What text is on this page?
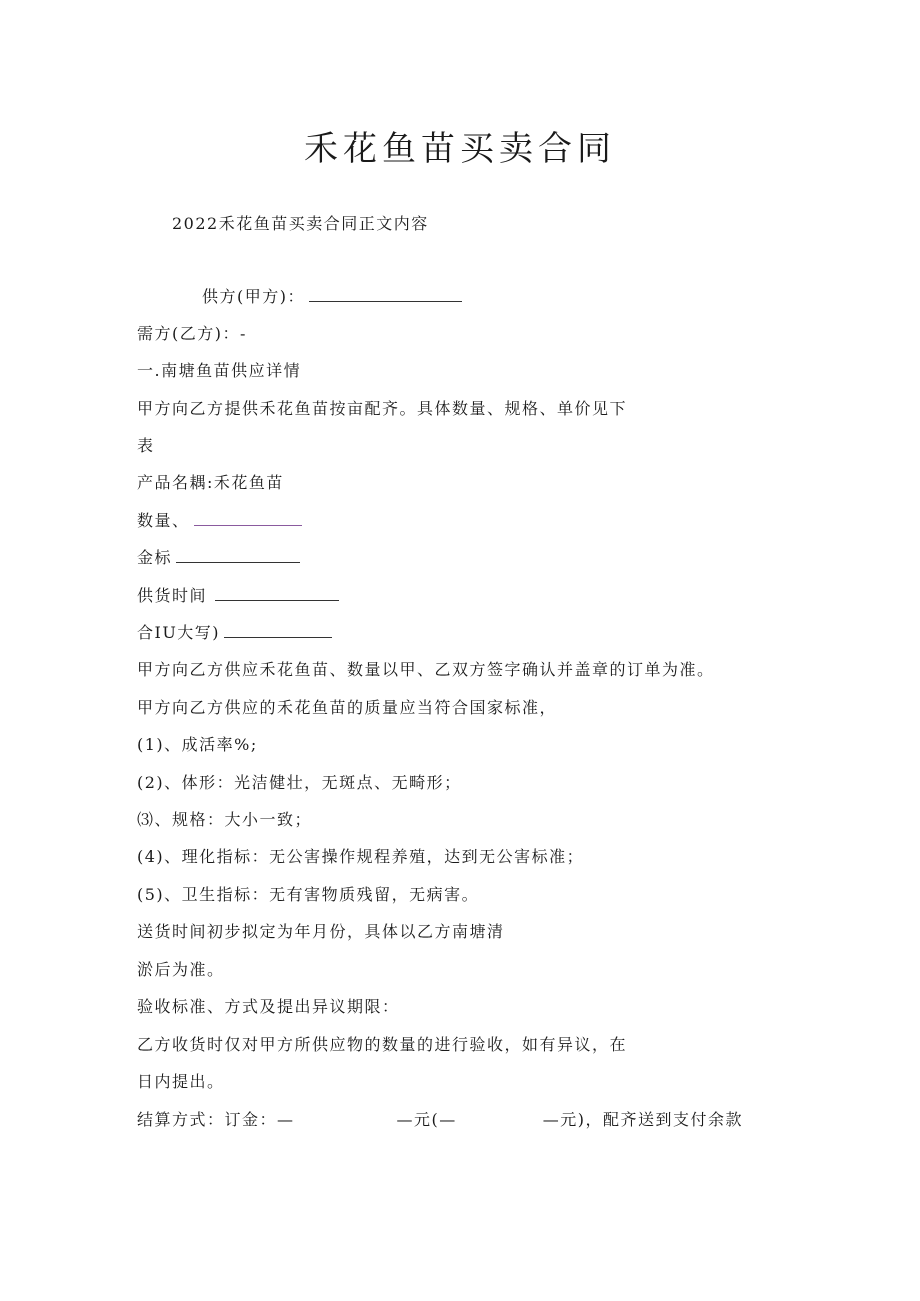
禾花鱼苗买卖合同
2022禾花鱼苗买卖合同正文内容
供方(甲方)：
需方(乙方)：-
一.南塘鱼苗供应详情
甲方向乙方提供禾花鱼苗按亩配齐。具体数量、规格、单价见下
表
产品名耦:禾花鱼苗
数量、
金标
供货时间
合IU大写)
甲方向乙方供应禾花鱼苗、数量以甲、乙双方签字确认并盖章的订单为准。
甲方向乙方供应的禾花鱼苗的质量应当符合国家标准，
(1)、成活率%;
(2)、体形：光洁健壮，无斑点、无畸形；
⑶、规格：大小一致；
(4)、理化指标：无公害操作规程养殖，达到无公害标准；
(5)、卫生指标：无有害物质残留，无病害。
送货时间初步拟定为年月份，具体以乙方南塘清
淤后为准。
验收标准、方式及提出异议期限：
乙方收货时仅对甲方所供应物的数量的进行验收，如有异议，在
日内提出。
结算方式：订金：—	—元(—	—元)，配齐送到支付余款
